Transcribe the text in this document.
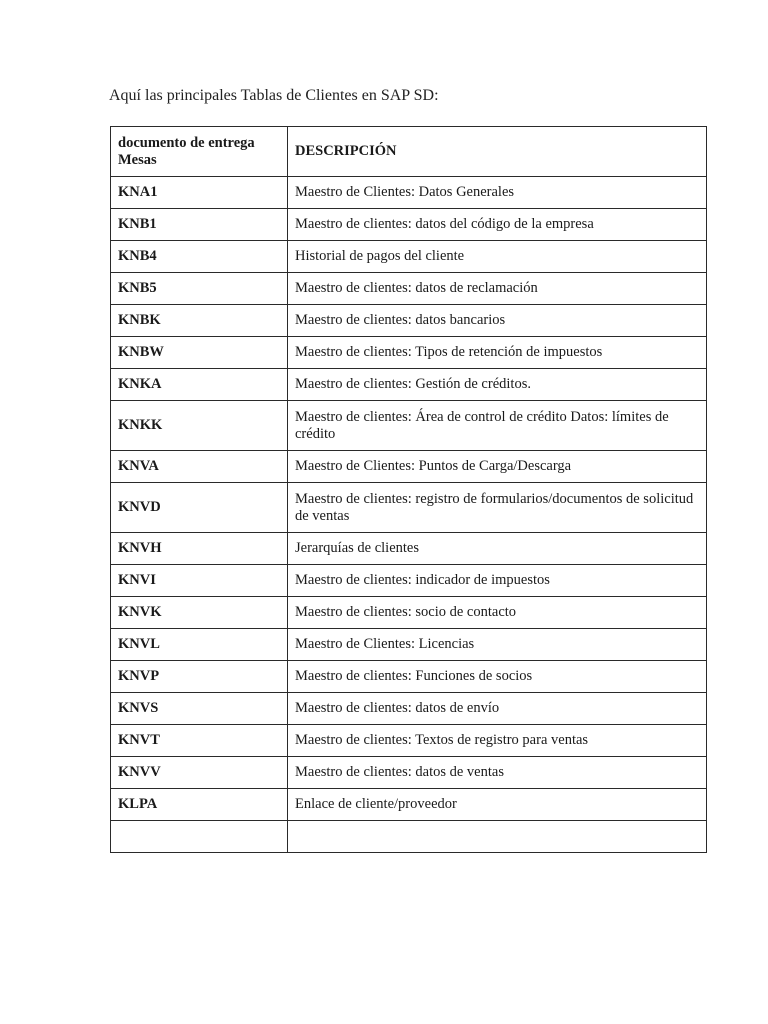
Aquí las principales Tablas de Clientes en SAP SD:
documento de entrega Mesas	DESCRIPCIÓN
KNA1	Maestro de Clientes: Datos Generales
KNB1	Maestro de clientes: datos del código de la empresa
KNB4	Historial de pagos del cliente
KNB5	Maestro de clientes: datos de reclamación
KNBK	Maestro de clientes: datos bancarios
KNBW	Maestro de clientes: Tipos de retención de impuestos
KNKA	Maestro de clientes: Gestión de créditos.
KNKK	Maestro de clientes: Área de control de crédito Datos: límites de crédito
KNVA	Maestro de Clientes: Puntos de Carga/Descarga
KNVD	Maestro de clientes: registro de formularios/documentos de solicitud de ventas
KNVH	Jerarquías de clientes
KNVI	Maestro de clientes: indicador de impuestos
KNVK	Maestro de clientes: socio de contacto
KNVL	Maestro de Clientes: Licencias
KNVP	Maestro de clientes: Funciones de socios
KNVS	Maestro de clientes: datos de envío
KNVT	Maestro de clientes: Textos de registro para ventas
KNVV	Maestro de clientes: datos de ventas
KLPA	Enlace de cliente/proveedor
